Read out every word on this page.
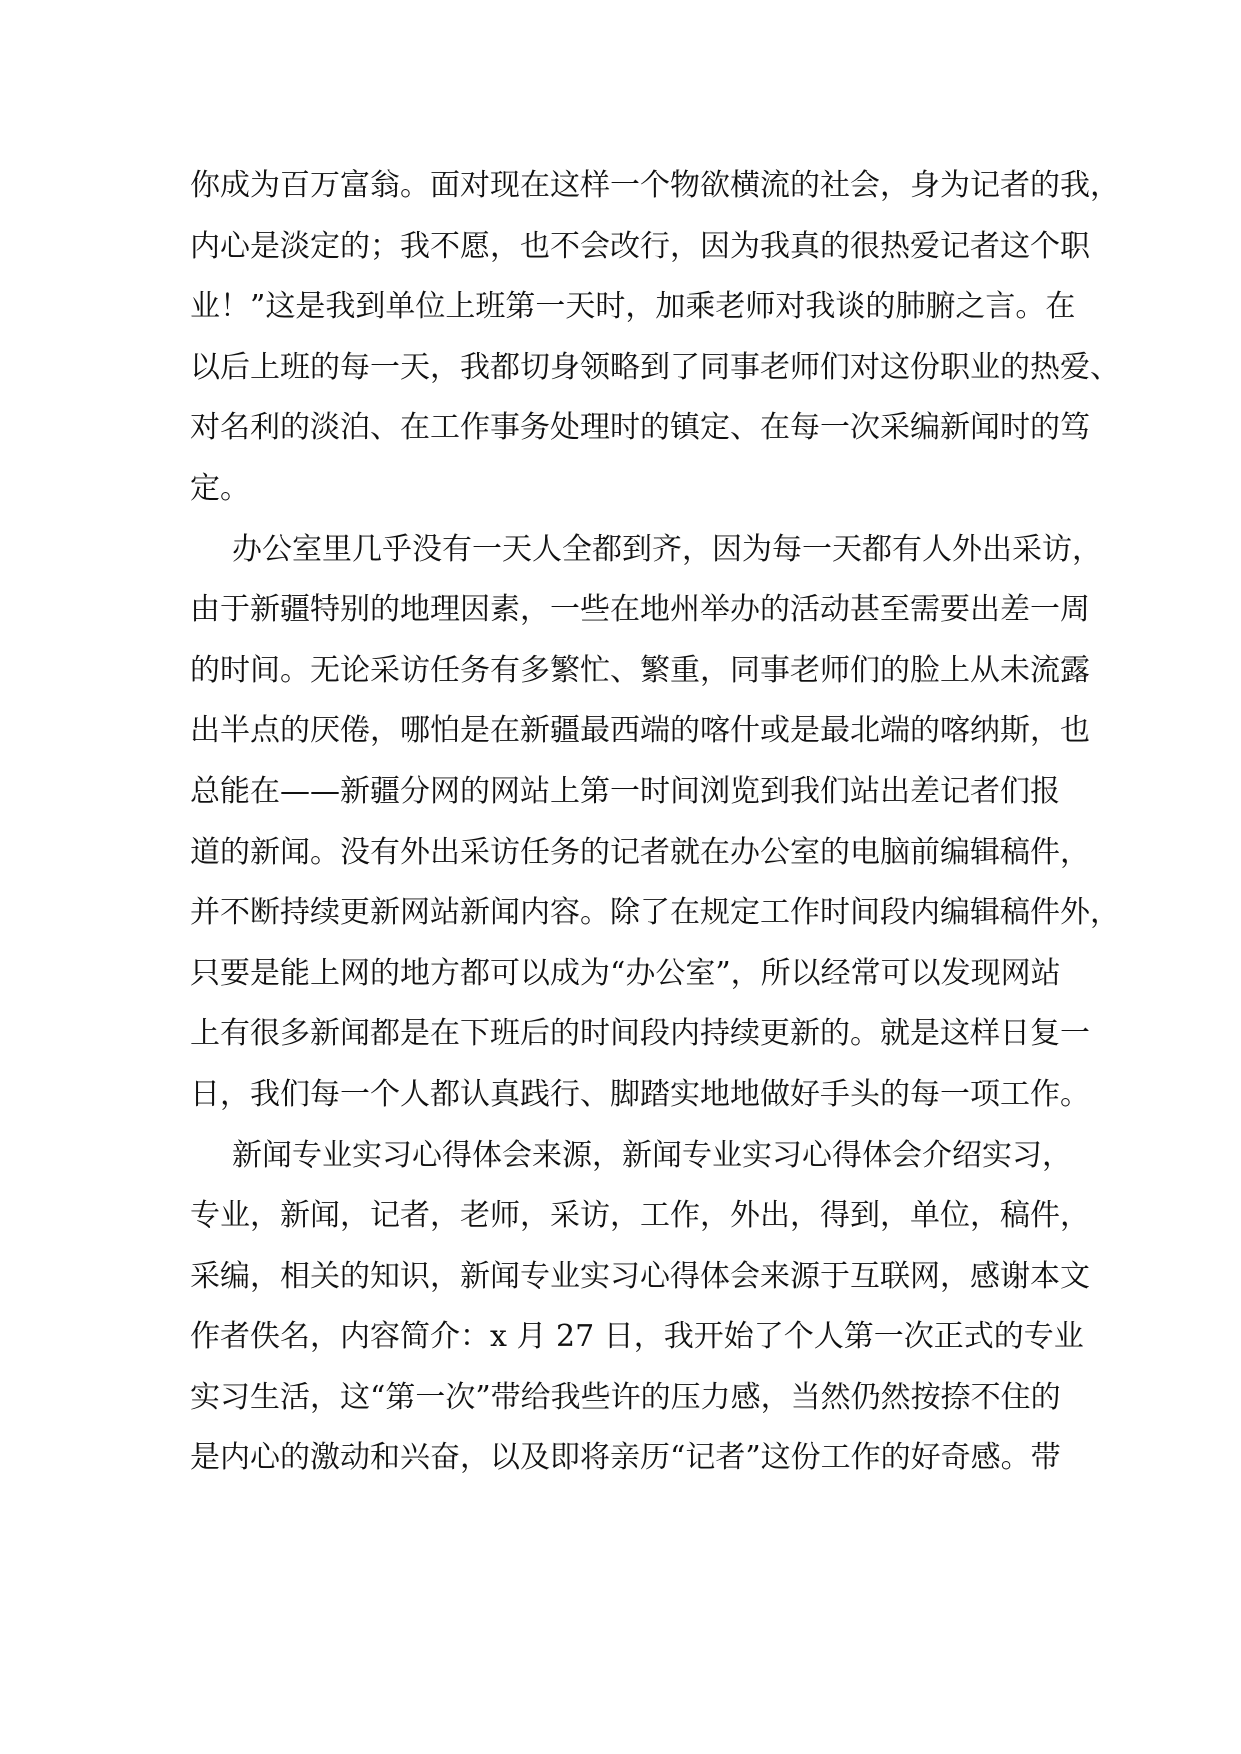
你成为百万富翁。面对现在这样一个物欲横流的社会，身为记者的我，
内心是淡定的；我不愿，也不会改行，因为我真的很热爱记者这个职
业！”这是我到单位上班第一天时，加乘老师对我谈的肺腑之言。在
以后上班的每一天，我都切身领略到了同事老师们对这份职业的热爱、
对名利的淡泊、在工作事务处理时的镇定、在每一次采编新闻时的笃
定。
办公室里几乎没有一天人全都到齐，因为每一天都有人外出采访，
由于新疆特别的地理因素，一些在地州举办的活动甚至需要出差一周
的时间。无论采访任务有多繁忙、繁重，同事老师们的脸上从未流露
出半点的厌倦，哪怕是在新疆最西端的喀什或是最北端的喀纳斯，也
总能在——新疆分网的网站上第一时间浏览到我们站出差记者们报
道的新闻。没有外出采访任务的记者就在办公室的电脑前编辑稿件，
并不断持续更新网站新闻内容。除了在规定工作时间段内编辑稿件外，
只要是能上网的地方都可以成为“办公室”，所以经常可以发现网站
上有很多新闻都是在下班后的时间段内持续更新的。就是这样日复一
日，我们每一个人都认真践行、脚踏实地地做好手头的每一项工作。
新闻专业实习心得体会来源，新闻专业实习心得体会介绍实习，
专业，新闻，记者，老师，采访，工作，外出，得到，单位，稿件，
采编，相关的知识，新闻专业实习心得体会来源于互联网，感谢本文
作者佚名，内容简介：x 月 27 日，我开始了个人第一次正式的专业
实习生活，这“第一次”带给我些许的压力感，当然仍然按捺不住的
是内心的激动和兴奋，以及即将亲历“记者”这份工作的好奇感。带
